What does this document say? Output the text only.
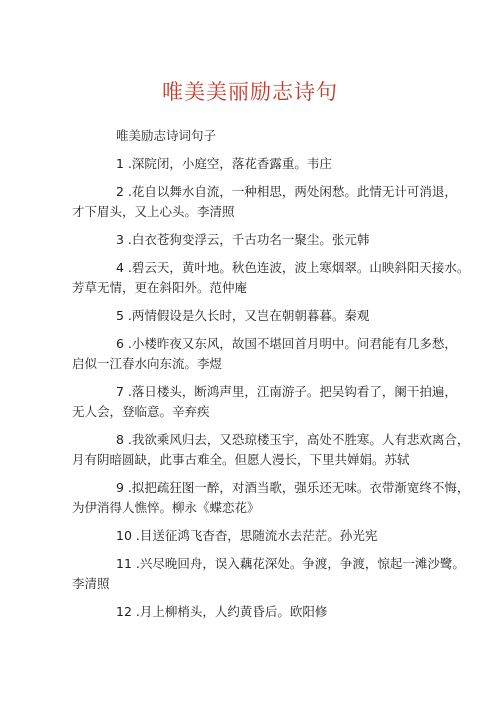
唯美美丽励志诗句
唯美励志诗词句子
1 .深院闭，小庭空，落花香露重。韦庄
2 .花自以舞水自流，一种相思，两处闲愁。此情无计可消退，
才下眉头，又上心头。李清照
3 .白衣苍狗变浮云，千古功名一聚尘。张元韩
4 .碧云天，黄叶地。秋色连波，波上寒烟翠。山映斜阳天接水。
芳草无情，更在斜阳外。范仲庵
5 .两情假设是久长时，又岂在朝朝暮暮。秦观
6 .小楼昨夜又东风，故国不堪回首月明中。问君能有几多愁，
启似一江春水向东流。李煜
7 .落日楼头，断鸿声里，江南游子。把吴钩看了，阑干拍遍，
无人会，登临意。辛弃疾
8 .我欲乘风归去，又恐琼楼玉宇，高处不胜寒。人有悲欢离合，
月有阴暗圆缺，此事古难全。但愿人漫长，下里共婵娟。苏轼
9 .拟把疏狂图一醉，对酒当歌，强乐还无味。衣带渐宽终不悔，
为伊消得人憔悴。柳永《蝶恋花》
10 .目送征鸿飞杳杳，思随流水去茫茫。孙光宪
11 .兴尽晚回舟，误入藕花深处。争渡，争渡，惊起一滩沙鹭。
李清照
12 .月上柳梢头，人约黄昏后。欧阳修
